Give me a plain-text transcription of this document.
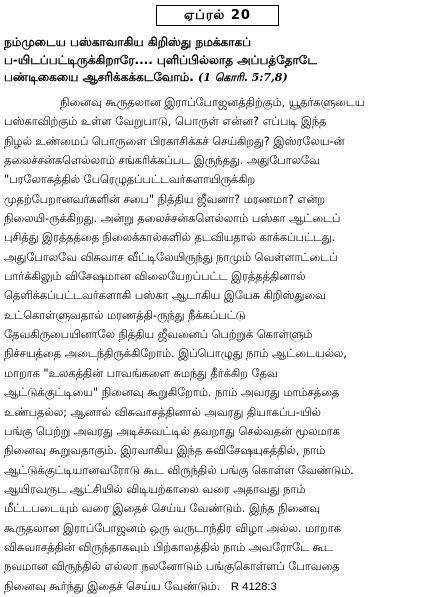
ஏப்ரல் 20
நம்முடைய பஸ்காவாகிய கிறிஸ்து நமக்காகப்
ப-யிடப்பட்டிருக்கிறாரே.... புளிப்பில்லாத அப்பத்தோடே
பண்டிகையை ஆசரிக்கக்கடவோம். (1 கொரி. 5:7,8)
நினைவு கூருதலான இராப்போஜனத்திற்கும், யூதர்களுடைய
பஸ்காவிற்கும் உள்ள வேறுபாடு, பொருள் என்ன? எப்படி இந்த
நிழல் உண்மைப் பொருளை பிரகாசிக்கச் செய்கிறது? இஸ்ரலேய-ன்
தலைச்சன்களெல்லாம் சங்கரிக்கப்பட இருந்தது. அதுபோலவே
"பரலோகத்தில் பேரெழுதப்பட்டவர்களாயிருக்கிற
முதற்பேறானவர்களின் சபை" நித்திய ஜீவனா? மரணமா? என்ற
நிலையி-ருக்கிறது. அன்று தலைச்சன்களெல்லாம் பஸ்கா ஆட்டைப்
புசித்து இரத்தத்தை நிலைக்கால்களில் தடவியதால் காக்கப்பட்டது.
அதுபோலவே விசுவாச வீட்டிலேயிருந்து நாமும் வெள்ளாட்டைப்
பார்க்கிலும் விசேஷமான விலையேறப்பட்ட இரத்தத்தினால்
தெளிக்கப்பட்டவர்களாகி பஸ்கா ஆடாகிய இயேசு கிறிஸ்துவை
உட்கொள்ளுவதால் மரணத்தி-ருந்து நீக்கப்பட்டு
தேவகிருபையினாலே நித்திய ஜீவனைப் பெற்றுக் கொள்ளும்
நிச்சயத்தை அடைந்திருக்கிறோம். இப்பொழுது நாம் ஆட்டையல்ல,
மாறாக "உலகத்தின் பாவங்களை சுமந்து தீர்க்கிற தேவ
ஆட்டுக்குட்டியை" நினைவு கூறுகிறோம். நாம் அவரது மாம்சத்தை
உண்பதல்ல; ஆனால் விசுவாசத்தினால் அவரது தியாகப்ப-யில்
பங்கு பெற்று அவரது அடிச்சுவட்டில் தவறாது செல்வதன் மூலமாக
நினைவு கூறுவதாகும். இரவாகிய இந்த சுவிசேஷயுகத்தில், நாம்
ஆட்டுக்குட்டியானவரோடு கூட விருந்தில் பங்கு கொள்ள வேண்டும்.
ஆயிரவருட ஆட்சியில் விடியற்காலை வரை அதாவது நாம்
மீட்டபடையும் வரை இதைச் செய்ய வேண்டும். இந்த நினைவு
கூருதலான இராப்போஜனம் ஒரு வருடாந்திர விழா அல்ல. மாறாக
விசுவாசத்தின் விருந்தாகவும் பிற்காலத்தில் நாம் அவரோடே கூட
நவமான விருந்தில் எல்லா நலனோடும் பங்குகொள்ளப் போவதை
நினைவு கூர்ந்து இதைச் செய்ய வேண்டும். R 4128:3
